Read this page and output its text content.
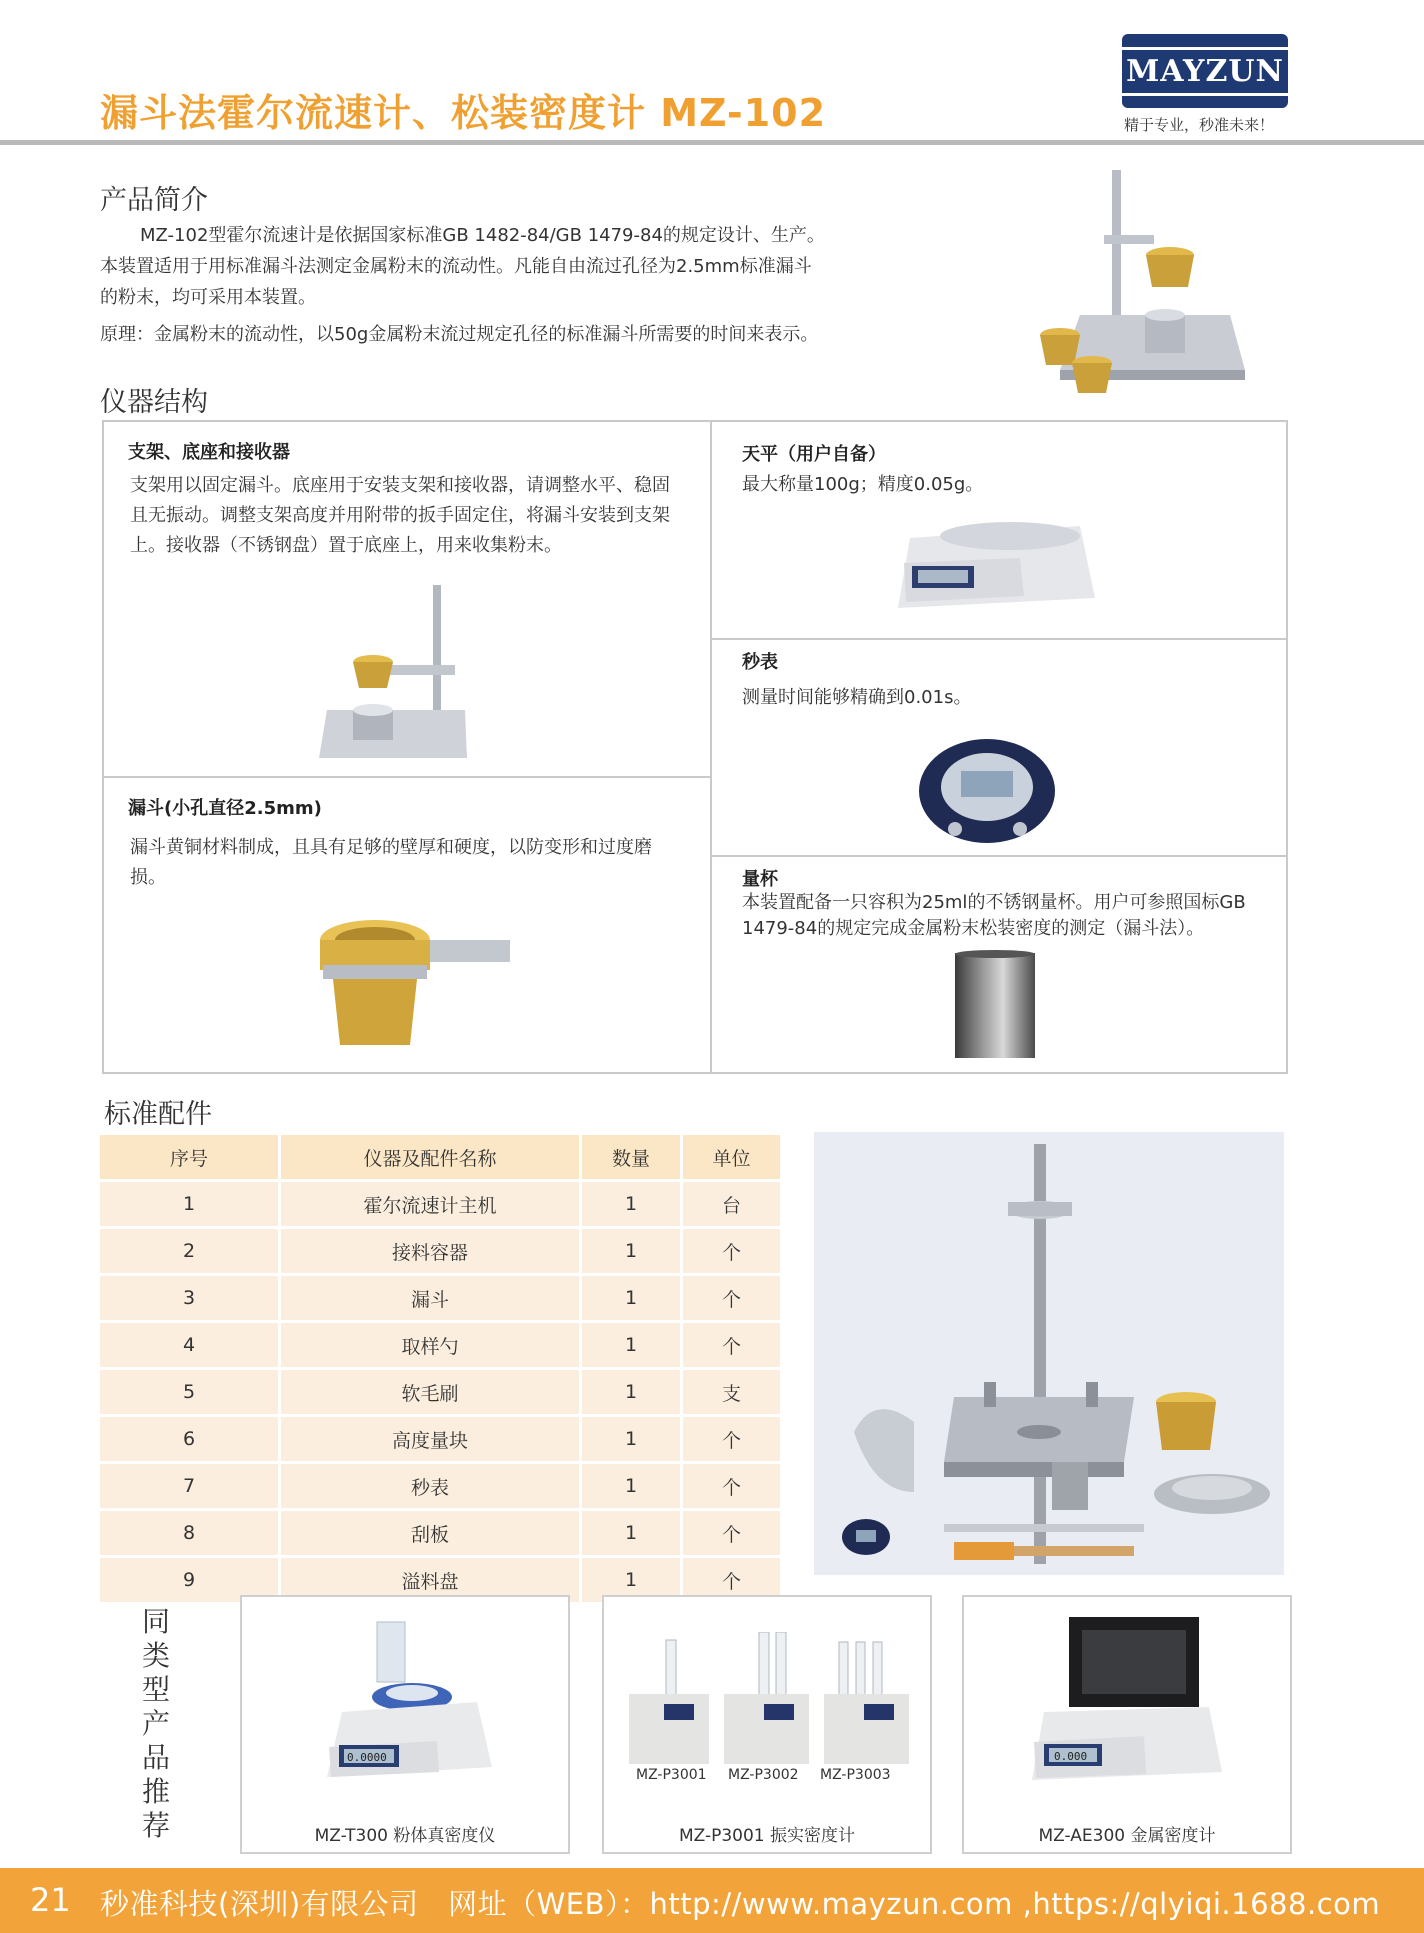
漏斗法霍尔流速计、松装密度计 MZ-102
MAYZUN
精于专业，秒准未来！
产品简介

MZ-102型霍尔流速计是依据国家标准GB 1482-84/GB 1479-84的规定设计、生产。

本装置适用于用标准漏斗法测定金属粉末的流动性。凡能自由流过孔径为2.5mm标准漏斗

的粉末，均可采用本装置。

原理：金属粉末的流动性，以50g金属粉末流过规定孔径的标准漏斗所需要的时间来表示。

仪器结构
支架、底座和接收器
支架用以固定漏斗。底座用于安装支架和接收器，请调整水平、稳固且无振动。调整支架高度并用附带的扳手固定住，将漏斗安装到支架上。接收器（不锈钢盘）置于底座上，用来收集粉末。
漏斗(小孔直径2.5mm)
漏斗黄铜材料制成，且具有足够的壁厚和硬度，以防变形和过度磨损。
天平（用户自备）
最大称量100g；精度0.05g。
秒表
测量时间能够精确到0.01s。
量杯
本装置配备一只容积为25ml的不锈钢量杯。用户可参照国标GB 1479-84的规定完成金属粉末松装密度的测定（漏斗法）。
标准配件
序号	仪器及配件名称	数量	单位
1	霍尔流速计主机	1	台
2	接料容器	1	个
3	漏斗	1	个
4	取样勺	1	个
5	软毛刷	1	支
6	高度量块	1	个
7	秒表	1	个
8	刮板	1	个
9	溢料盘	1	个
同类型产品推荐
0.0000
MZ-T300 粉体真密度仪
MZ-P3001 MZ-P3002 MZ-P3003
MZ-P3001 振实密度计
0.000
MZ-AE300 金属密度计
21 秒准科技(深圳)有限公司　网址（WEB）：http://www.mayzun.com ,https://qlyiqi.1688.com
